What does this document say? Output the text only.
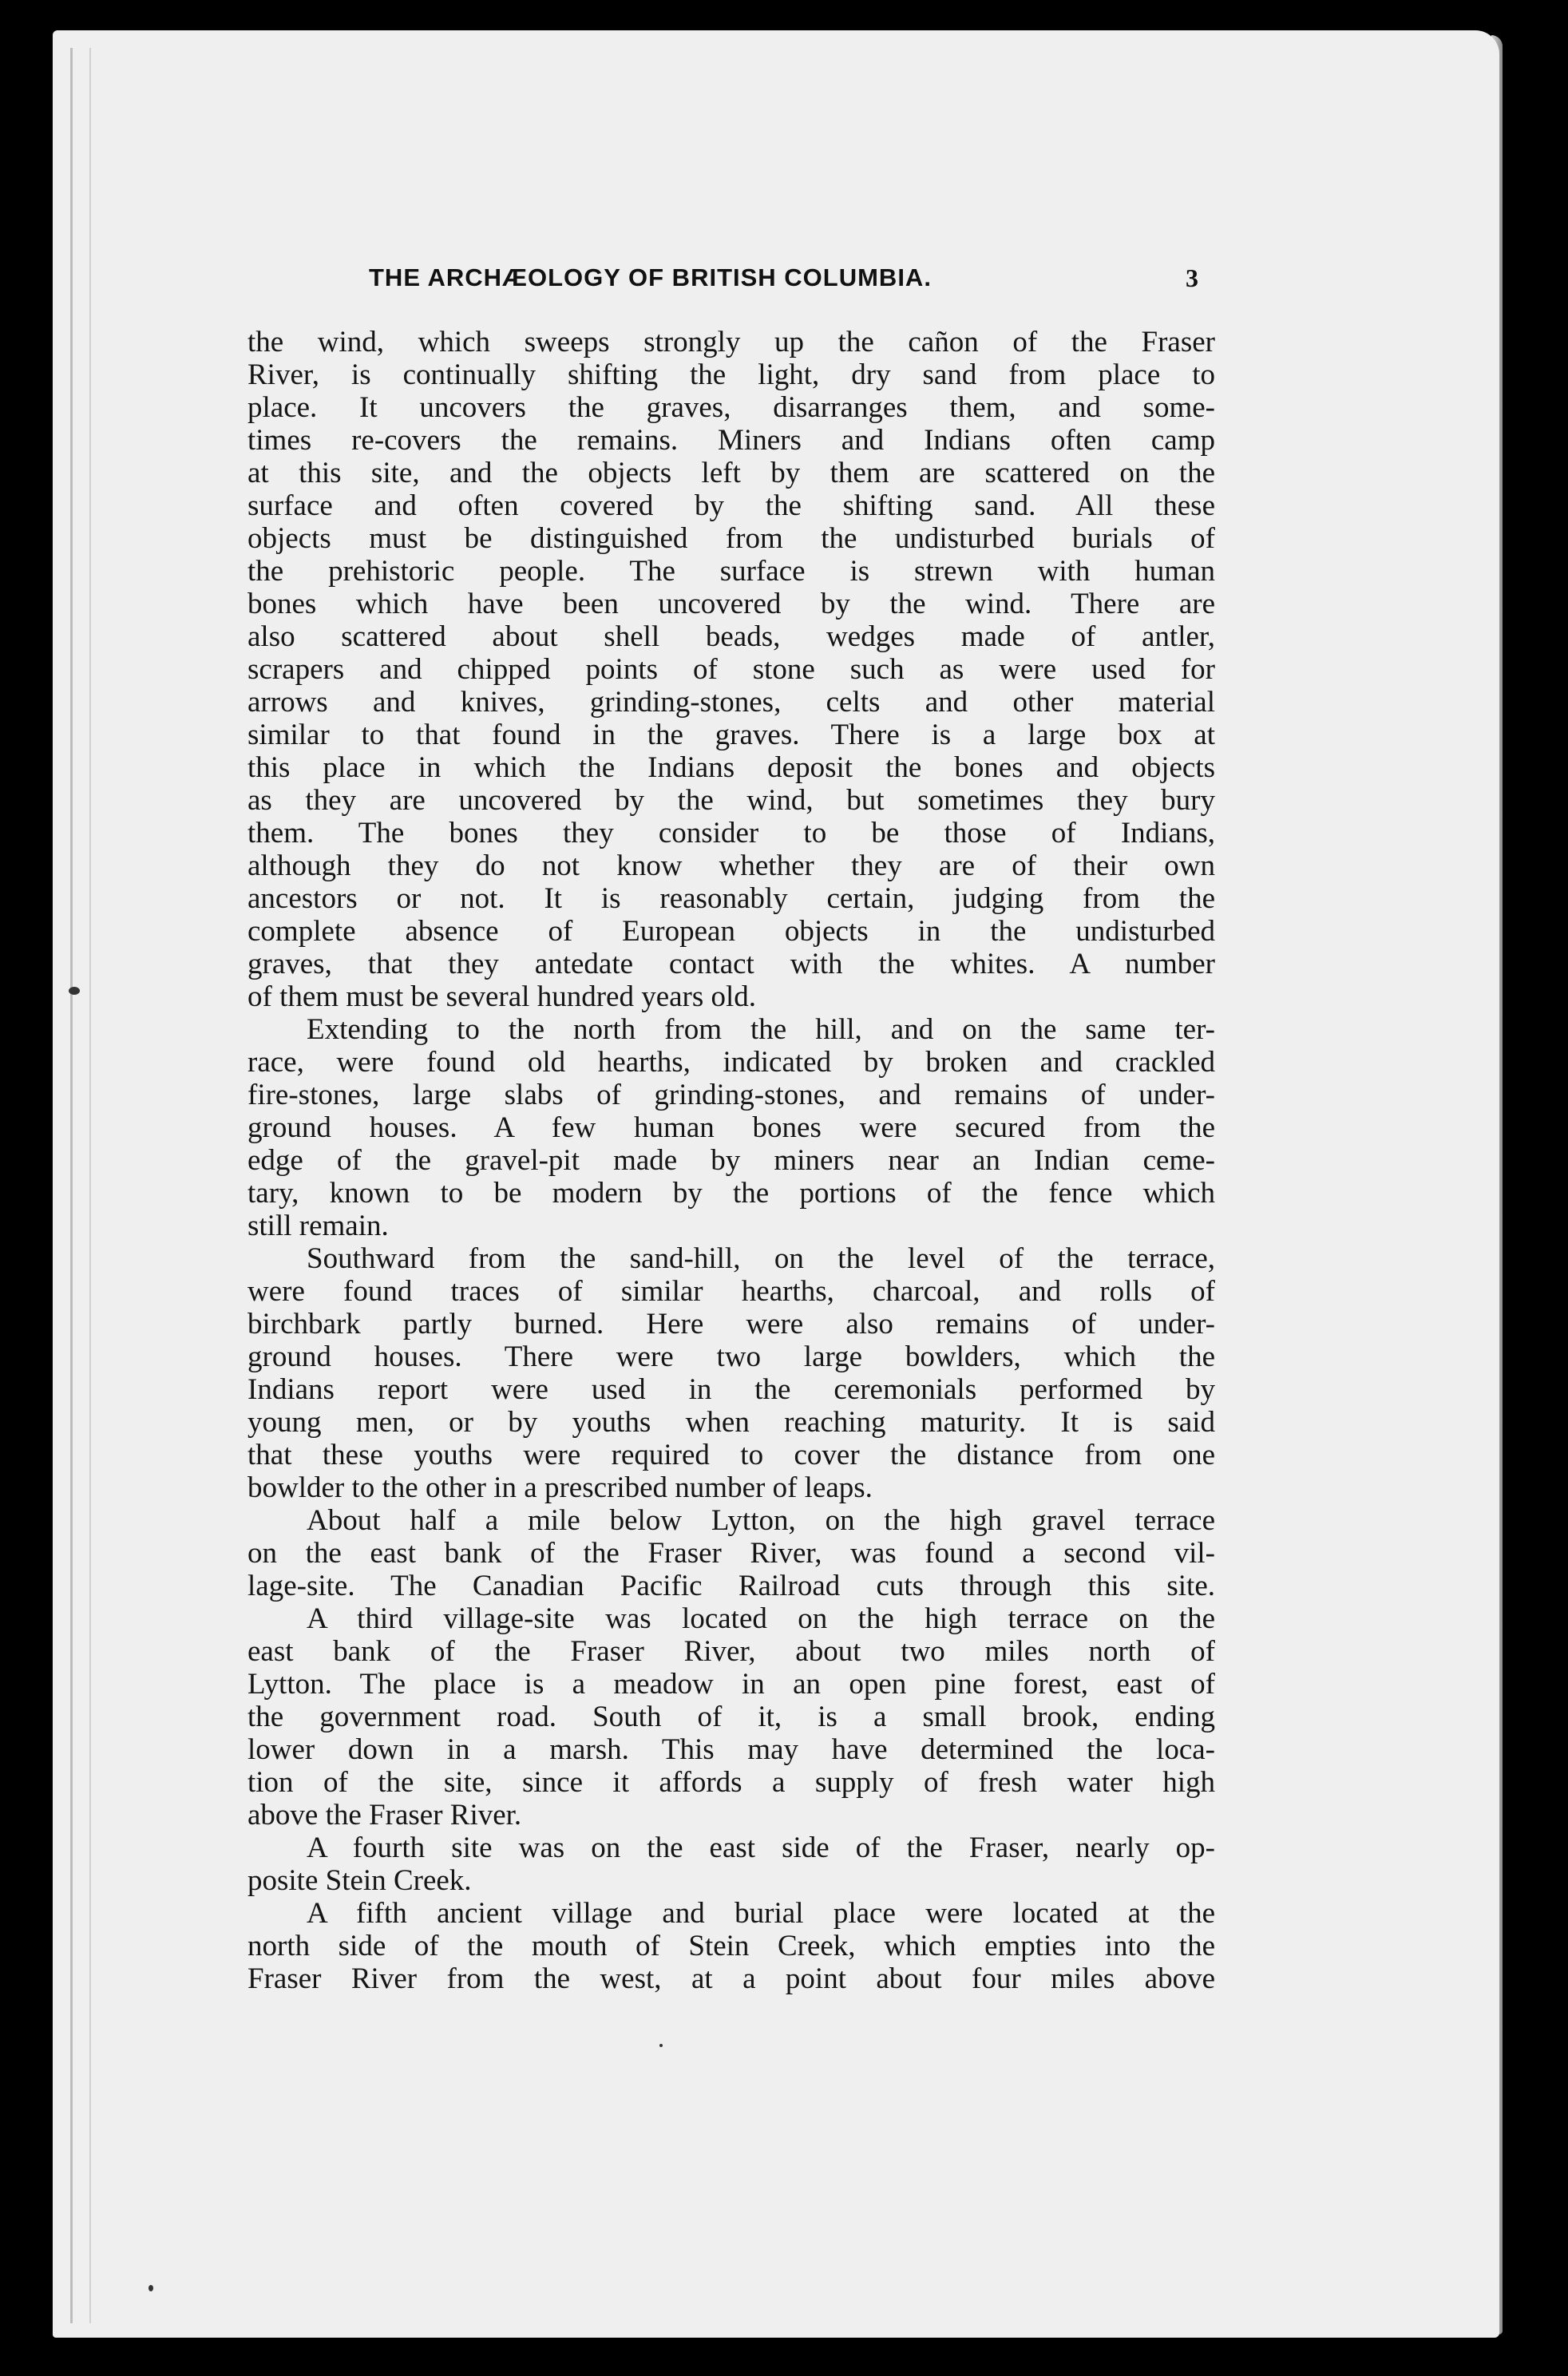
THE ARCHÆOLOGY OF BRITISH COLUMBIA.	3
the wind, which sweeps strongly up the cañon of the Fraser
River, is continually shifting the light, dry sand from place to
place. It uncovers the graves, disarranges them, and some-
times re-covers the remains. Miners and Indians often camp
at this site, and the objects left by them are scattered on the
surface and often covered by the shifting sand. All these
objects must be distinguished from the undisturbed burials of
the prehistoric people. The surface is strewn with human
bones which have been uncovered by the wind. There are
also scattered about shell beads, wedges made of antler,
scrapers and chipped points of stone such as were used for
arrows and knives, grinding-stones, celts and other material
similar to that found in the graves. There is a large box at
this place in which the Indians deposit the bones and objects
as they are uncovered by the wind, but sometimes they bury
them. The bones they consider to be those of Indians,
although they do not know whether they are of their own
ancestors or not. It is reasonably certain, judging from the
complete absence of European objects in the undisturbed
graves, that they antedate contact with the whites. A number
of them must be several hundred years old.
Extending to the north from the hill, and on the same ter-
race, were found old hearths, indicated by broken and crackled
fire-stones, large slabs of grinding-stones, and remains of under-
ground houses. A few human bones were secured from the
edge of the gravel-pit made by miners near an Indian ceme-
tary, known to be modern by the portions of the fence which
still remain.
Southward from the sand-hill, on the level of the terrace,
were found traces of similar hearths, charcoal, and rolls of
birchbark partly burned. Here were also remains of under-
ground houses. There were two large bowlders, which the
Indians report were used in the ceremonials performed by
young men, or by youths when reaching maturity. It is said
that these youths were required to cover the distance from one
bowlder to the other in a prescribed number of leaps.
About half a mile below Lytton, on the high gravel terrace
on the east bank of the Fraser River, was found a second vil-
lage-site. The Canadian Pacific Railroad cuts through this site.
A third village-site was located on the high terrace on the
east bank of the Fraser River, about two miles north of
Lytton. The place is a meadow in an open pine forest, east of
the government road. South of it, is a small brook, ending
lower down in a marsh. This may have determined the loca-
tion of the site, since it affords a supply of fresh water high
above the Fraser River.
A fourth site was on the east side of the Fraser, nearly op-
posite Stein Creek.
A fifth ancient village and burial place were located at the
north side of the mouth of Stein Creek, which empties into the
Fraser River from the west, at a point about four miles above
